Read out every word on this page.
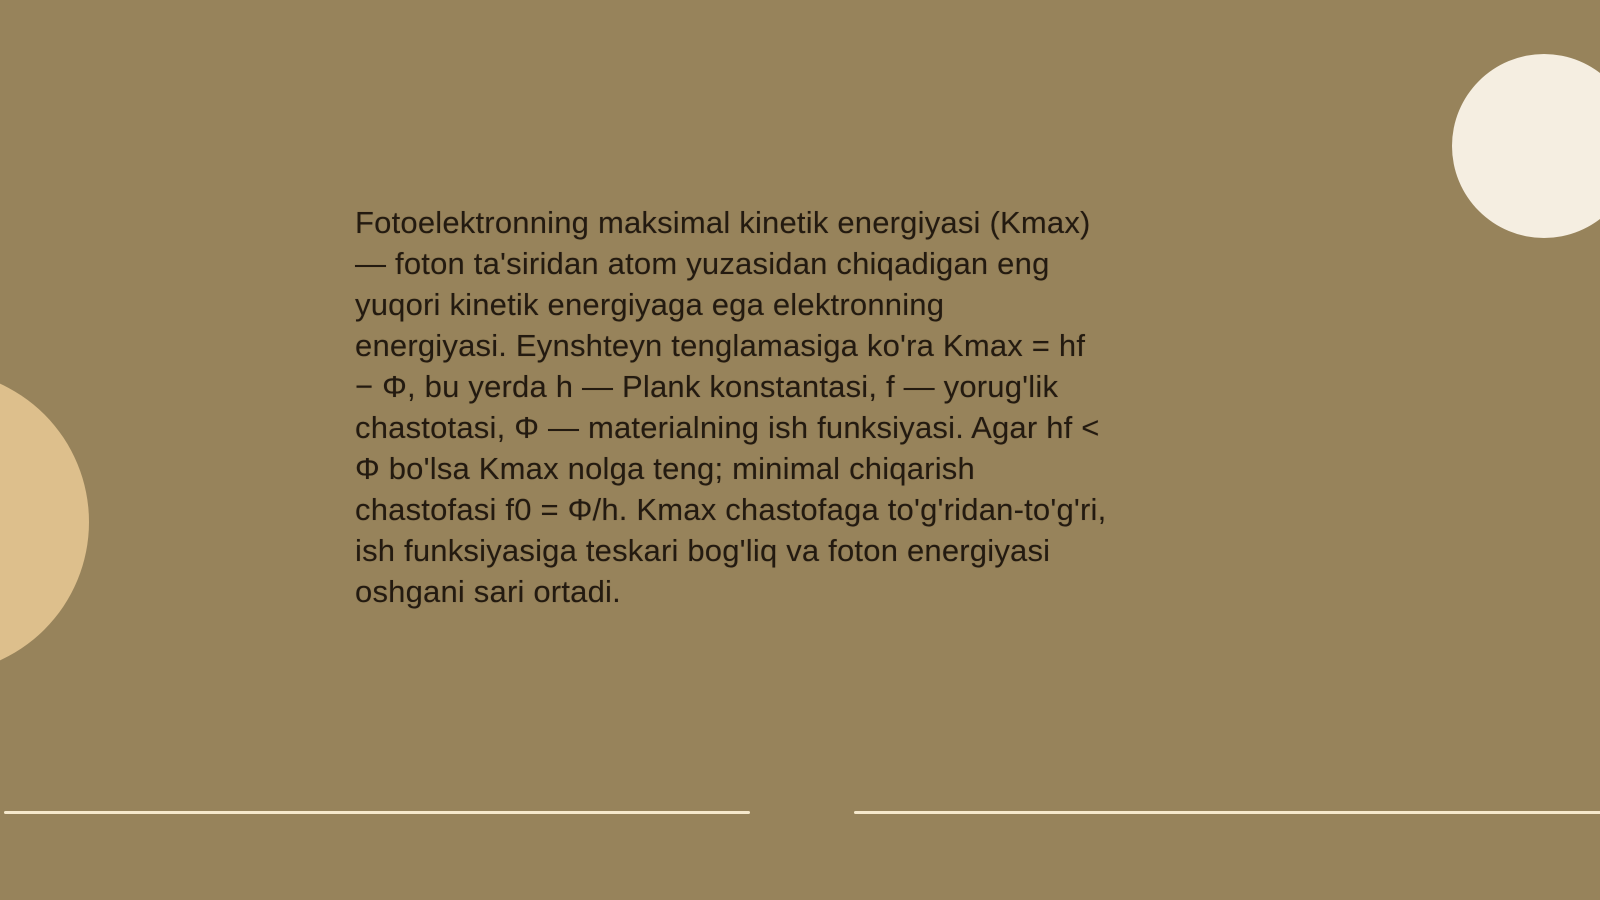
Fotoelektronning maksimal kinetik energiyasi (Kmax)
— foton ta'siridan atom yuzasidan chiqadigan eng
yuqori kinetik energiyaga ega elektronning
energiyasi. Eynshteyn tenglamasiga ko'ra Kmax = hf
− Φ, bu yerda h — Plank konstantasi, f — yorug'lik
chastotasi, Φ — materialning ish funksiyasi. Agar hf <
Φ bo'lsa Kmax nolga teng; minimal chiqarish
chastofasi f0 = Φ/h. Kmax chastofaga to'g'ridan-to'g'ri,
ish funksiyasiga teskari bog'liq va foton energiyasi
oshgani sari ortadi.
